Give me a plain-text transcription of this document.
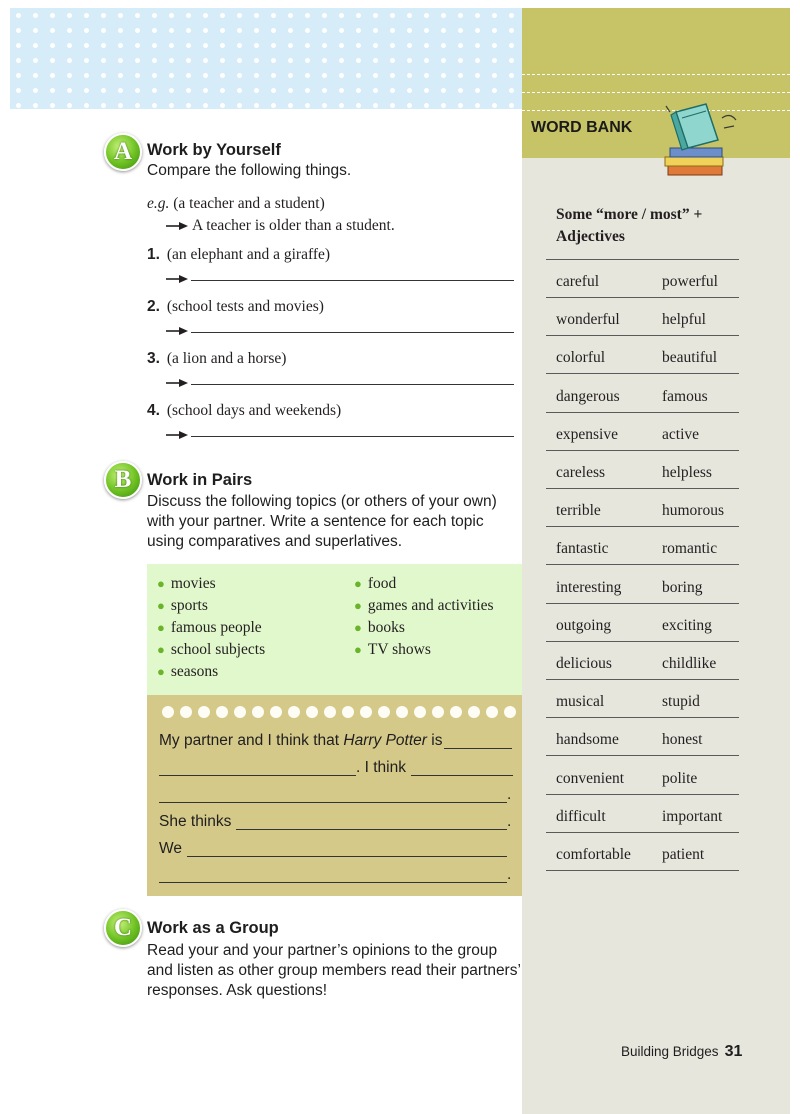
WORD BANK
Some “more / most” + Adjectives
careful	powerful
wonderful	helpful
colorful	beautiful
dangerous	famous
expensive	active
careless	helpless
terrible	humorous
fantastic	romantic
interesting	boring
outgoing	exciting
delicious	childlike
musical	stupid
handsome	honest
convenient polite
difficult	important
comfortable patient
A Work by Yourself
Compare the following things.
e.g. (a teacher and a student)
A teacher is older than a student.
1. (an elephant and a giraffe)
2. (school tests and movies)
3. (a lion and a horse)
4. (school days and weekends)
B Work in Pairs
Discuss the following topics (or others of your own)
with your partner. Write a sentence for each topic
using comparatives and superlatives.
● movies
● sports
● famous people
● school subjects
● seasons
● food
● games and activities
● books
● TV shows
My partner and I think that Harry Potter is
. I think
.
She thinks	.
We
.
C Work as a Group
Read your and your partner’s opinions to the group
and listen as other group members read their partners’
responses. Ask questions!
Building Bridges 31
